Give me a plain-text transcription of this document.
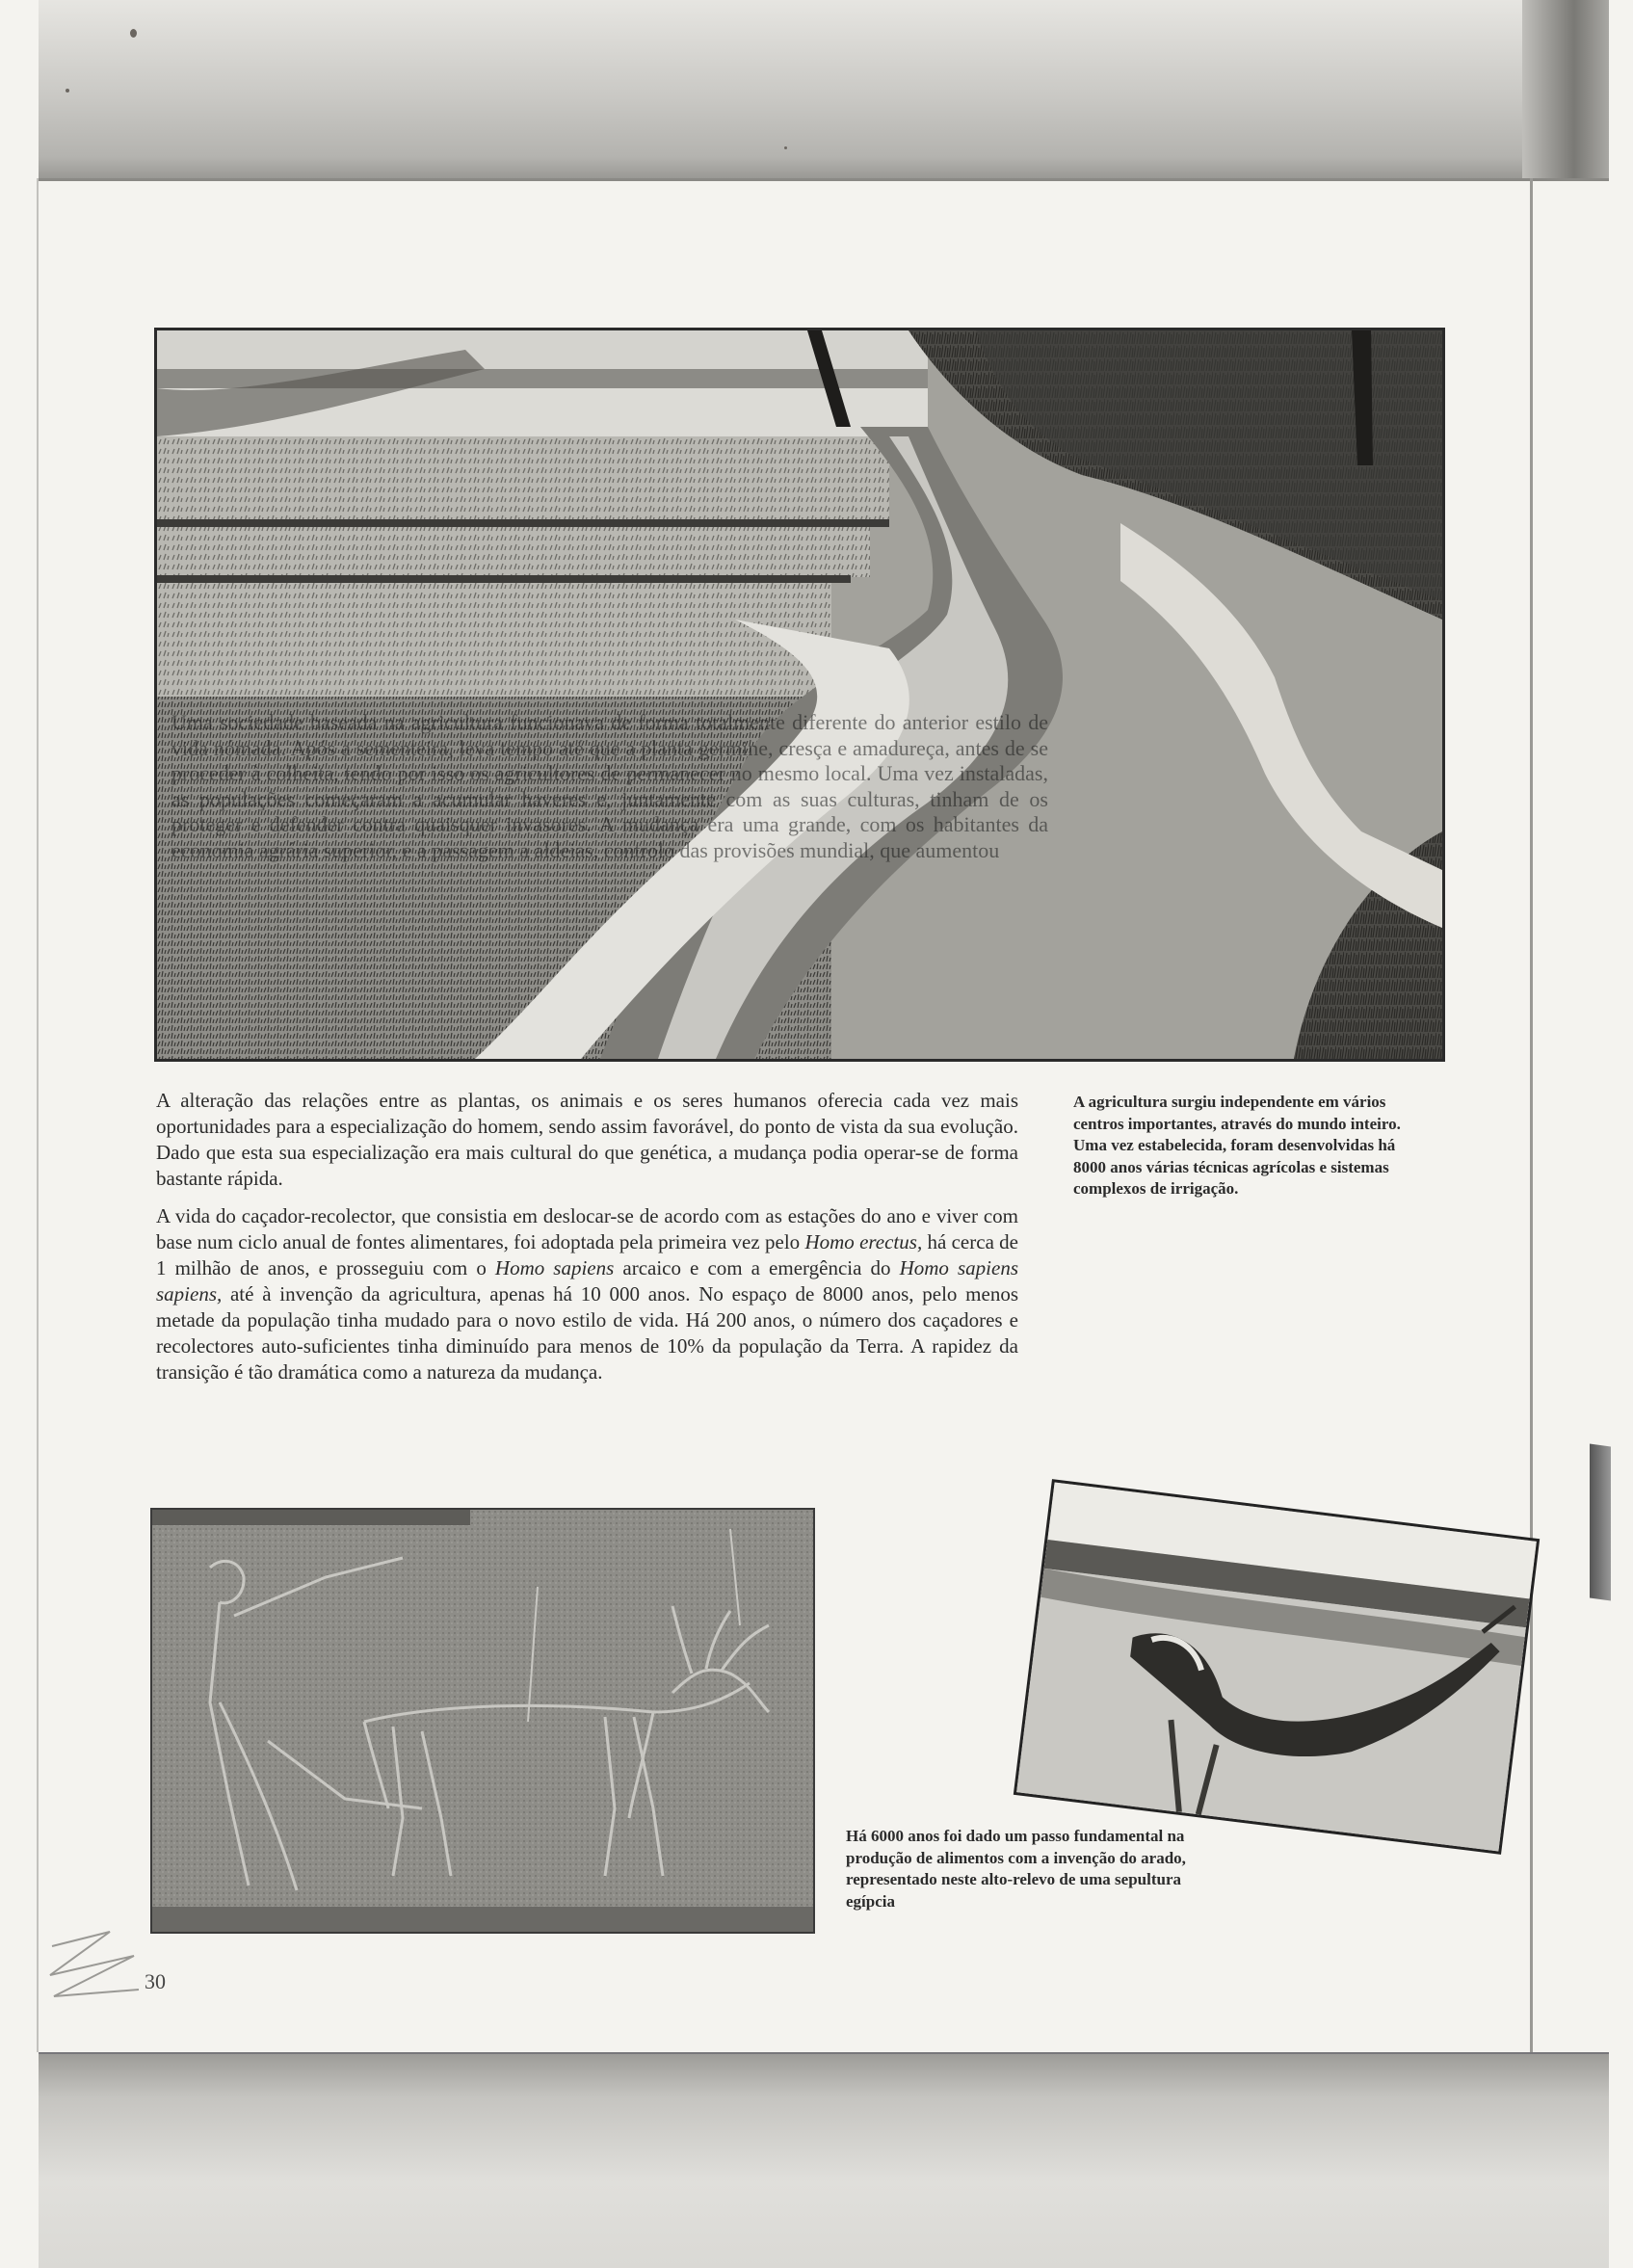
Uma sociedade baseada na agricultura funcionava de forma totalmente diferente do anterior estilo de vida nómada. Após a sementeira, leva tempo até que a planta germine, cresça e amadureça, antes de se proceder à colheita, tendo por isso os agricultores de permanecer no mesmo local. Uma vez instaladas, as populações começaram a acumular haveres e, juntamente com as suas culturas, tinham de os proteger e defender contra quaisquer invasores. A mudança era uma grande, com os habitantes da economia agrária superior, e a passagem a aldeias, controlo das provisões mundial, que aumentou

A alteração das relações entre as plantas, os animais e os seres humanos oferecia cada vez mais oportunidades para a especialização do homem, sendo assim favorável, do ponto de vista da sua evolução. Dado que esta sua especialização era mais cultural do que genética, a mudança podia operar-se de forma bastante rápida.

A vida do caçador-recolector, que consistia em deslocar-se de acordo com as estações do ano e viver com base num ciclo anual de fontes alimentares, foi adoptada pela primeira vez pelo Homo erectus, há cerca de 1 milhão de anos, e prosseguiu com o Homo sapiens arcaico e com a emergência do Homo sapiens sapiens, até à invenção da agricultura, apenas há 10 000 anos. No espaço de 8000 anos, pelo menos metade da população tinha mudado para o novo estilo de vida. Há 200 anos, o número dos caçadores e recolectores auto-suficientes tinha diminuído para menos de 10% da população da Terra. A rapidez da transição é tão dramática como a natureza da mudança.

A agricultura surgiu independente em vários centros importantes, através do mundo inteiro. Uma vez estabelecida, foram desenvolvidas há 8000 anos várias técnicas agrícolas e sistemas complexos de irrigação.
Há 6000 anos foi dado um passo fundamental na produção de alimentos com a invenção do arado, representado neste alto-relevo de uma sepultura egípcia
30
